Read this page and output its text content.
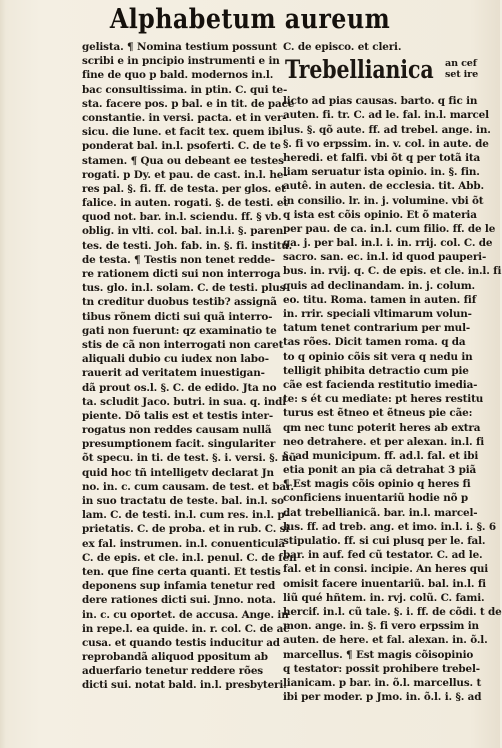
Alphabetum aureum
gelista. ¶ Nomina testium possunt
scribi e in pncipio instrumenti e in
fine de quo p bald. modernos in.l.
bac consultissima. in ptin. C. qui te-
sta. facere pos. p bal. e in tit. de pace
constantie. in versi. pacta. et in ver-
sicu. die lune. et facit tex. quem ibi
ponderat bal. in.l. psoferti. C. de te
stamen. ¶ Qua ou debeant ee testes
rogati. p Dy. et pau. de cast. in.l. he-
res pal. §. fi. ff. de testa. per glos. et
falice. in auten. rogati. §. de testi. et
quod not. bar. in.l. sciendu. ff. § vb.
oblig. in vlti. col. bal. in.l.i. §. paren
tes. de testi. Joh. fab. in. §. fi. institu.
de testa. ¶ Testis non tenet redde-
re rationem dicti sui non interroga
tus. glo. in.l. solam. C. de testi. plus
tn creditur duobus testib? assignã
tibus rõnem dicti sui quã interro-
gati non fuerunt: qz examinatio te
stis de cã non interrogati non caret
aliquali dubio cu iudex non labo-
rauerit ad veritatem inuestigan-
dã prout os.l. §. C. de edido. Jta no
ta. scludit Jaco. butri. in sua. q. indi
piente. Dõ talis est et testis inter-
rogatus non reddes causam nullã
presumptionem facit. singulariter
õt specu. in ti. de test. §. i. versi. §. nũ
quid hoc tñ intelligetv declarat Jn
no. in. c. cum causam. de test. et bar.
in suo tractatu de teste. bal. in.l. so
lam. C. de testi. in.l. cum res. in.l. p-
prietatis. C. de proba. et in rub. C. si
ex fal. instrumen. in.l. conuenticulã
C. de epis. et cle. in.l. penul. C. de fen
ten. que fine certa quanti. Et testis
deponens sup infamia tenetur red
dere rationes dicti sui. Jnno. nota.
in. c. cu oportet. de accusa. Ange. in
in repe.l. ea quide. in. r. col. C. de ac
cusa. et quando testis inducitur ad
reprobandã aliquod ppositum ab
aduerfario tenetur reddere rões
dicti sui. notat bald. in.l. presbyteri.
C. de episco. et cleri.
Trebellianica an cef
set ire
licto ad pias causas. barto. q fic in
auten. fi. tr. C. ad le. fal. in.l. marcel
lus. §. qõ aute. ff. ad trebel. ange. in.
§. fi vo erpssim. in. v. col. in aute. de
heredi. et falfi. vbi õt q per totã ita
liam seruatur ista opinio. in. §. fin.
autê. in auten. de ecclesia. tit. Abb.
in consilio. lr. in. j. volumine. vbi õt
q ista est cõis opinio. Et õ materia
per pau. de ca. in.l. cum filio. ff. de le
ga. j. per bal. in.l. i. in. rrij. col. C. de
sacro. san. ec. in.l. id quod pauperi-
bus. in. rvij. q. C. de epis. et cle. in.l. fi
quis ad declinandam. in. j. colum.
eo. titu. Roma. tamen in auten. fif
in. rrir. speciali vltimarum volun-
tatum tenet contrarium per mul-
tas rões. Dicit tamen roma. q da
to q opinio cõis sit vera q nedu in
telligit phibita detractio cum pie
cãe est facienda restitutio imedia-
te: s ét cu mediate: pt heres restitu
turus est ẽtneo et ẽtneus pie cãe:
qm nec tunc poterit heres ab extra
neo detrahere. et per alexan. in.l. fi
§. ad municipum. ff. ad.l. fal. et ibi
etia ponit an pia cã detrahat 3 piã
¶ Est magis cõis opinio q heres fi
conficiens inuentariũ hodie nõ p
dat trebellianicã. bar. in.l. marcel-
lus. ff. ad treb. ang. et imo. in.l. i. §. 6
stipulatio. ff. si cui plusq per le. fal.
bar. in auf. fed cũ testator. C. ad le.
fal. et in consi. incipie. An heres qui
omisit facere inuentariũ. bal. in.l. fi
liũ qué hñtem. in. rvj. colũ. C. fami.
hercif. in.l. cũ tale. §. i. ff. de cõdi. t de
mon. ange. in. §. fi vero erpssim in
auten. de here. et fal. alexan. in. õ.l.
marcellus. ¶ Est magis cõisopinio
q testator: possit prohibere trebel-
lianicam. p bar. in. õ.l. marcellus. t
ibi per moder. p Jmo. in. õ.l. i. §. ad
